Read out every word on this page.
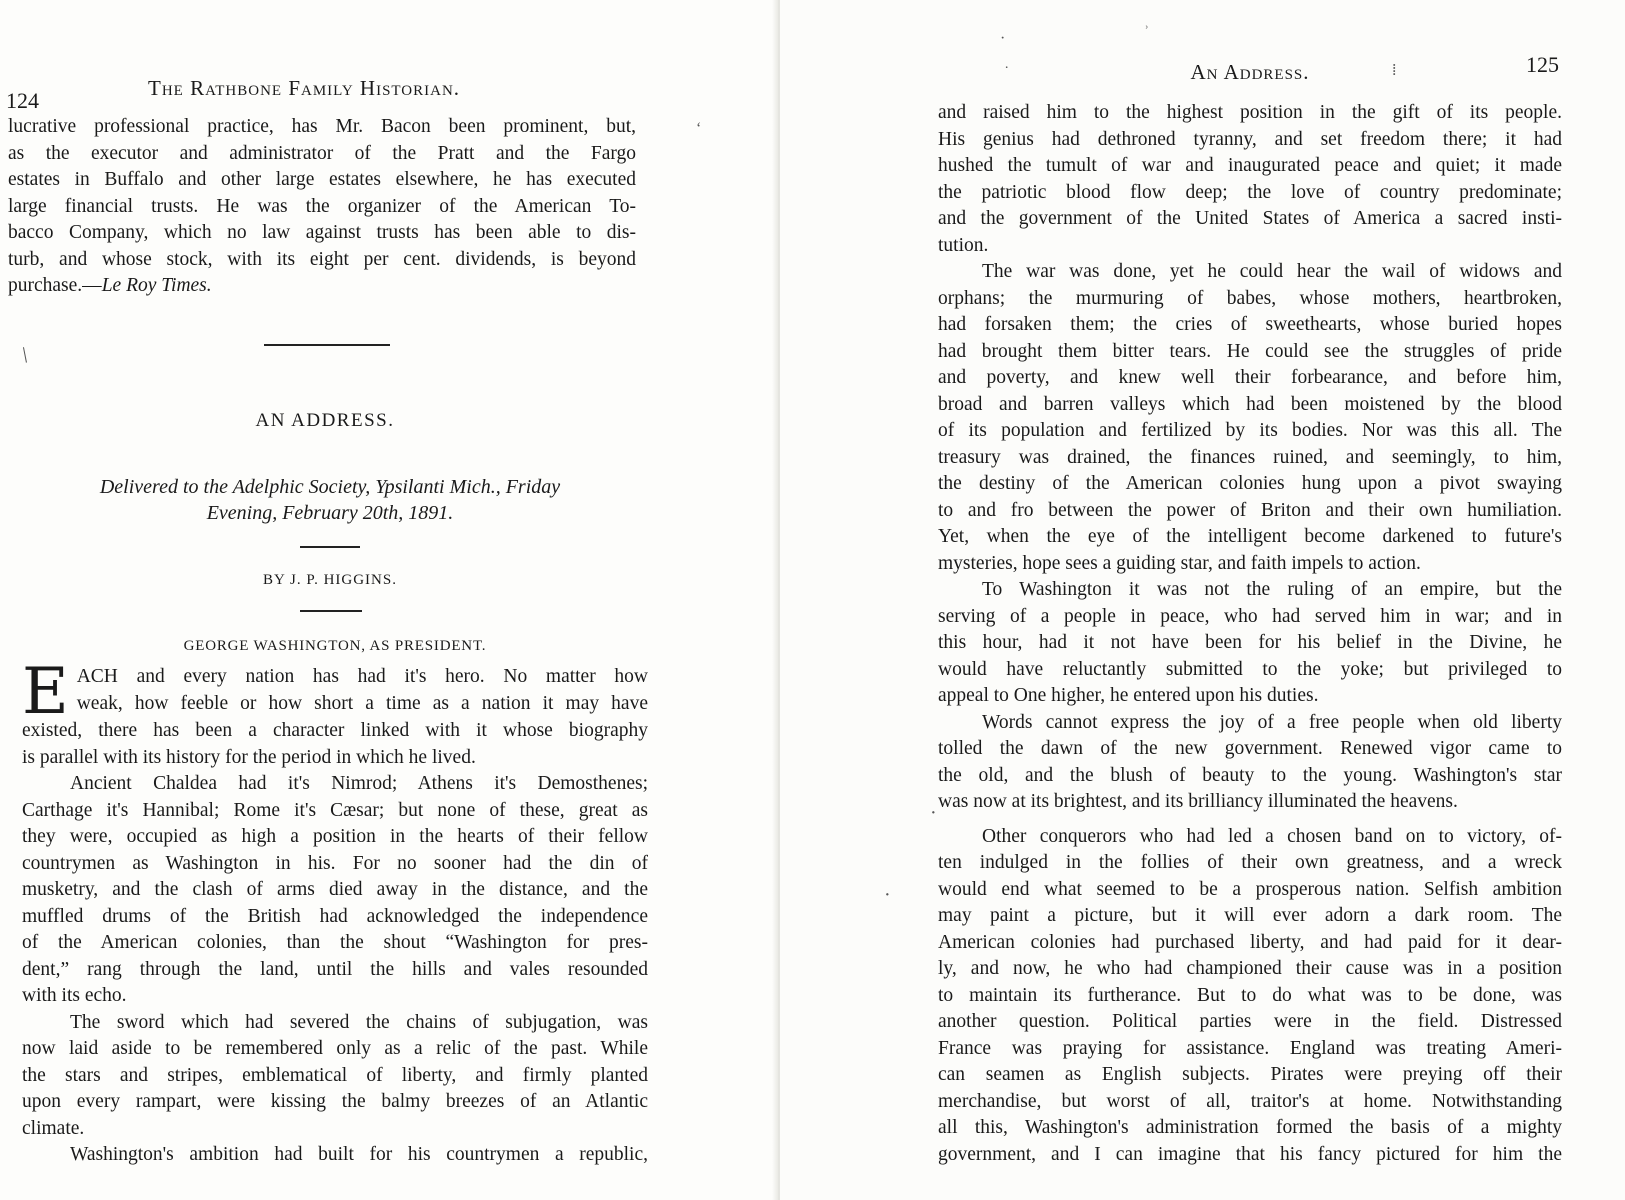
124	The Rathbone Family Historian.
lucrative professional practice, has Mr. Bacon been prominent, but,
as the executor and administrator of the Pratt and the Fargo
estates in Buffalo and other large estates elsewhere, he has executed
large financial trusts. He was the organizer of the American To-
bacco Company, which no law against trusts has been able to dis-
turb, and whose stock, with its eight per cent. dividends, is beyond
purchase.—Le Roy Times.
‘
/
AN ADDRESS.
Delivered to the Adelphic Society, Ypsilanti Mich., Friday
Evening, February 20th, 1891.
BY J. P. HIGGINS.
GEORGE WASHINGTON, AS PRESIDENT.
E ACH and every nation has had it's hero. No matter how
weak, how feeble or how short a time as a nation it may have
existed, there has been a character linked with it whose biography
is parallel with its history for the period in which he lived.
Ancient Chaldea had it's Nimrod; Athens it's Demosthenes;
Carthage it's Hannibal; Rome it's Cæsar; but none of these, great as
they were, occupied as high a position in the hearts of their fellow
countrymen as Washington in his. For no sooner had the din of
musketry, and the clash of arms died away in the distance, and the
muffled drums of the British had acknowledged the independence
of the American colonies, than the shout “Washington for pres-
dent,” rang through the land, until the hills and vales resounded
with its echo.
The sword which had severed the chains of subjugation, was
now laid aside to be remembered only as a relic of the past. While
the stars and stripes, emblematical of liberty, and firmly planted
upon every rampart, were kissing the balmy breezes of an Atlantic
climate.
Washington's ambition had built for his countrymen a republic,
An Address.	125
·
˙
ʾ
⁞
·
·
and raised him to the highest position in the gift of its people.
His genius had dethroned tyranny, and set freedom there; it had
hushed the tumult of war and inaugurated peace and quiet; it made
the patriotic blood flow deep; the love of country predominate;
and the government of the United States of America a sacred insti-
tution.
The war was done, yet he could hear the wail of widows and
orphans; the murmuring of babes, whose mothers, heartbroken,
had forsaken them; the cries of sweethearts, whose buried hopes
had brought them bitter tears. He could see the struggles of pride
and poverty, and knew well their forbearance, and before him,
broad and barren valleys which had been moistened by the blood
of its population and fertilized by its bodies. Nor was this all. The
treasury was drained, the finances ruined, and seemingly, to him,
the destiny of the American colonies hung upon a pivot swaying
to and fro between the power of Briton and their own humiliation.
Yet, when the eye of the intelligent become darkened to future's
mysteries, hope sees a guiding star, and faith impels to action.
To Washington it was not the ruling of an empire, but the
serving of a people in peace, who had served him in war; and in
this hour, had it not have been for his belief in the Divine, he
would have reluctantly submitted to the yoke; but privileged to
appeal to One higher, he entered upon his duties.
Words cannot express the joy of a free people when old liberty
tolled the dawn of the new government. Renewed vigor came to
the old, and the blush of beauty to the young. Washington's star
was now at its brightest, and its brilliancy illuminated the heavens.
Other conquerors who had led a chosen band on to victory, of-
ten indulged in the follies of their own greatness, and a wreck
would end what seemed to be a prosperous nation. Selfish ambition
may paint a picture, but it will ever adorn a dark room. The
American colonies had purchased liberty, and had paid for it dear-
ly, and now, he who had championed their cause was in a position
to maintain its furtherance. But to do what was to be done, was
another question. Political parties were in the field. Distressed
France was praying for assistance. England was treating Ameri-
can seamen as English subjects. Pirates were preying off their
merchandise, but worst of all, traitor's at home. Notwithstanding
all this, Washington's administration formed the basis of a mighty
government, and I can imagine that his fancy pictured for him the
